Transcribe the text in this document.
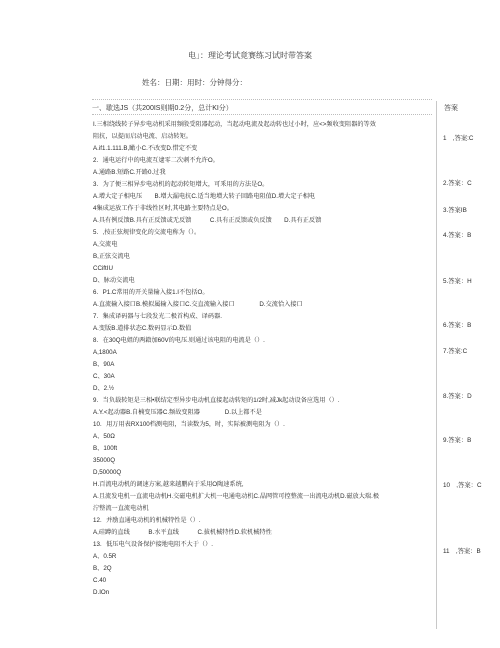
电」：理论考试竟赛练习试时带答案
姓名：日期：用时：分钟得分：
一、歇选JS（共200IS则期0.2分，总计KI分）	答案
I.三相绕线转子异步电动机采用频殷受阻器起动，当起动电流及起动转也过小时，应<>频收变阻器的等效
阻抗，以提而启动电流、启动转矩。
A.if1.1.111.B,瞰小C.不改变D.惜定不变
2．通电运行中的电流互逮零二次刺不允许O。
A.通路B.短路C.开路0.过我
3．为了便三相异步电动机的起动转矩增大，可釆用的方法是O。
A.增大定子相电压　　B.增大漏电抗C.适当地增大转子回路电阻值D.增大定子相电
4集成运放工作于非线性区时,其电路主要特点是O。
A.具有例反馈B.具有正反馈或无反馈　　　C.具有正反馈或负反馈　　D.具有正反馈
5．,按正弦规律变化的交流电称为（）。
A,交流电
B,正弦交流电
CCiftIU
D、脉动交流电
6．P1.C常用的开关量输入接1.I不包括O。
A.直流输入接口B.模拟属输入接口C.交直流输入接口　　　　D.交流恰入接口
7．集成译码器与七段发光二极首构成、译码器.
A.变版B.道排状态C.数码显示D.数值
8．在30Q电姐的两籍加60V的电压.则通过该电阻的电流是（）.
A,1800A
B、90A
C、30A
D、2.½
9．当负载转矩是三相•联结定型异步电动机直接起动转矩的1/2时,减Jk起动设备应选用（）.
A.Y.<起动器B.自楠变压器C.频故变阻器　　　　D.以上都不是
10．用万用表RX100档测电阻，当读数为5，时，实际被测电阻为（）.
A、50Ω
B、100ft
35000Q
D,50000Q
H.百流电动机的调速方案,越来越鹏向于采用O陶速系统,
A.且流发电机一直流电动机H.交磁电机扩大机一电通电动机C.晶网管可控整流一出流电动机D.磁放大瑞.极
泞整流一直流电动机
12．并励直通电动机的机械特性是（）.
A,硅蹲的直线　　　B.水平直线　　　C.拔机械特性D.软机械特性
13．低压电气设备保护接地电阻不大于（）.
A、0.5R
B、2Q
C.40
D.IOn
1　,答案:C
2.答案：C
3.答案IB
4.答案：B
5.答案：H
6.答案：B
7.答案:C
8.答案：D
9.答案：B
10　,答案：C
11　,答案：B
